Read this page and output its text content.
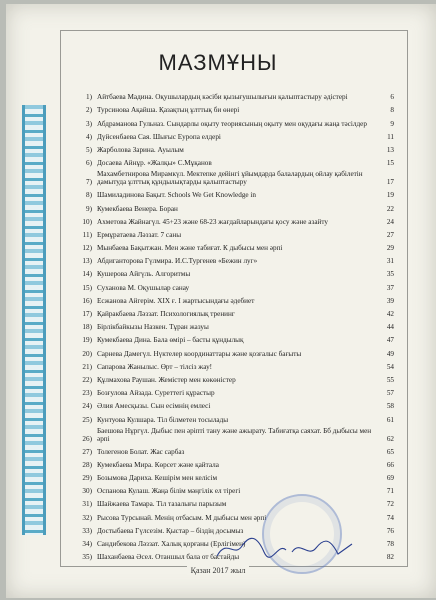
МАЗМҰНЫ
1) Айтбаева Мадина. Оқушылардың кәсіби қызығушылығын қалыптастыру әдістері	6
2) Турсинова Ақайша. Қазақтың ұлттық би өнері	8
3) Абдраманова Гульназ. Сындарлы оқыту теориясының оқыту мен оқудағы жаңа тәсілдер	9
4) Дүйсенбаева Сая. Шығыс Еуропа елдері	11
5) Жарболова Зарина. Ауылым	13
6) Досаева Айнұр. «Жалқы» С.Мұқанов	15
7)
Махамбетнирова Мирамкүл. Мектепке дейінгі ұйымдарда балалардың ойлау қабілетін дамытуда ұлттық құндылықтарды қалыптастыру	17
8) Шамиладинова Бақыт. Schools We Get Knowledge in	19
9) Кумекбаева Венера. Боран	22
10) Ахметова Жайнагүл. 45+23 және 68-23 жағдайларындағы қосу және азайту	24
11) Ермұратаева Ләззат. 7 саны	27
12) Мынбаева Бақытжан. Мен және табиғат. К дыбысы мен әрпі	29
13) Абдиганторова Гүлмира. И.С.Тургенев «Бежин луг»	31
14) Кушерова Айгүль. Алгоритмы	35
15) Суханова М. Оқушылар санау	37
16) Есжанова Айгерім. XIX ғ. I жартысындағы әдебиет	39
17) Қайракбаева Ләззат. Психологиялық тренинг	42
18) Бірлікбайкызы Назкен. Тұран жазуы	44
19) Кумекбаева Дина. Бала өмірі – басты құндылық	47
20) Сарнева Дамегүл. Нүктелер координаттары және қозғалыс бағыты	49
21) Сапарова Жанылыс. Өрт – тілсіз жау!	54
22) Құлмахова Раушан. Жемістер мен көкөністер	55
23) Бозғулова Айзада. Суреттегі құрастыр	57
24) Әлия Амесқызы. Сын есімнің емлесі	58
25) Кунтуова Кулшара. Тіл білметен тосылады	61
26)
Баешова Нұргүл. Дыбыс пен әріпті тану және ажырату. Табиғатқа саяхат. Бб дыбысы мен әрпі	62
27) Толегенов Болат. Жас сарбаз	65
28) Кумекбаева Мира. Көрсет және қайтала	66
29) Бозымова Дариха. Кешірім мен келісім	69
30) Оспанова Кулаш. Жаңа білім мәңгілік ел тірегі	71
31) Шайжаева Тамара. Тіл тазалығы парызым	72
32) Рысова Турсынай. Менің отбасым. М дыбысы мен әрпі	74
33) Достыбаева Гүлсезім. Қыстар – біздің досымыз	76
34) Сандибекова Ләззат. Халық қорғаны (Ерлігімен)	78
35) Шаханбаева Әсел. Отаншыл бала от бастайды	82
Қазан 2017 жыл
